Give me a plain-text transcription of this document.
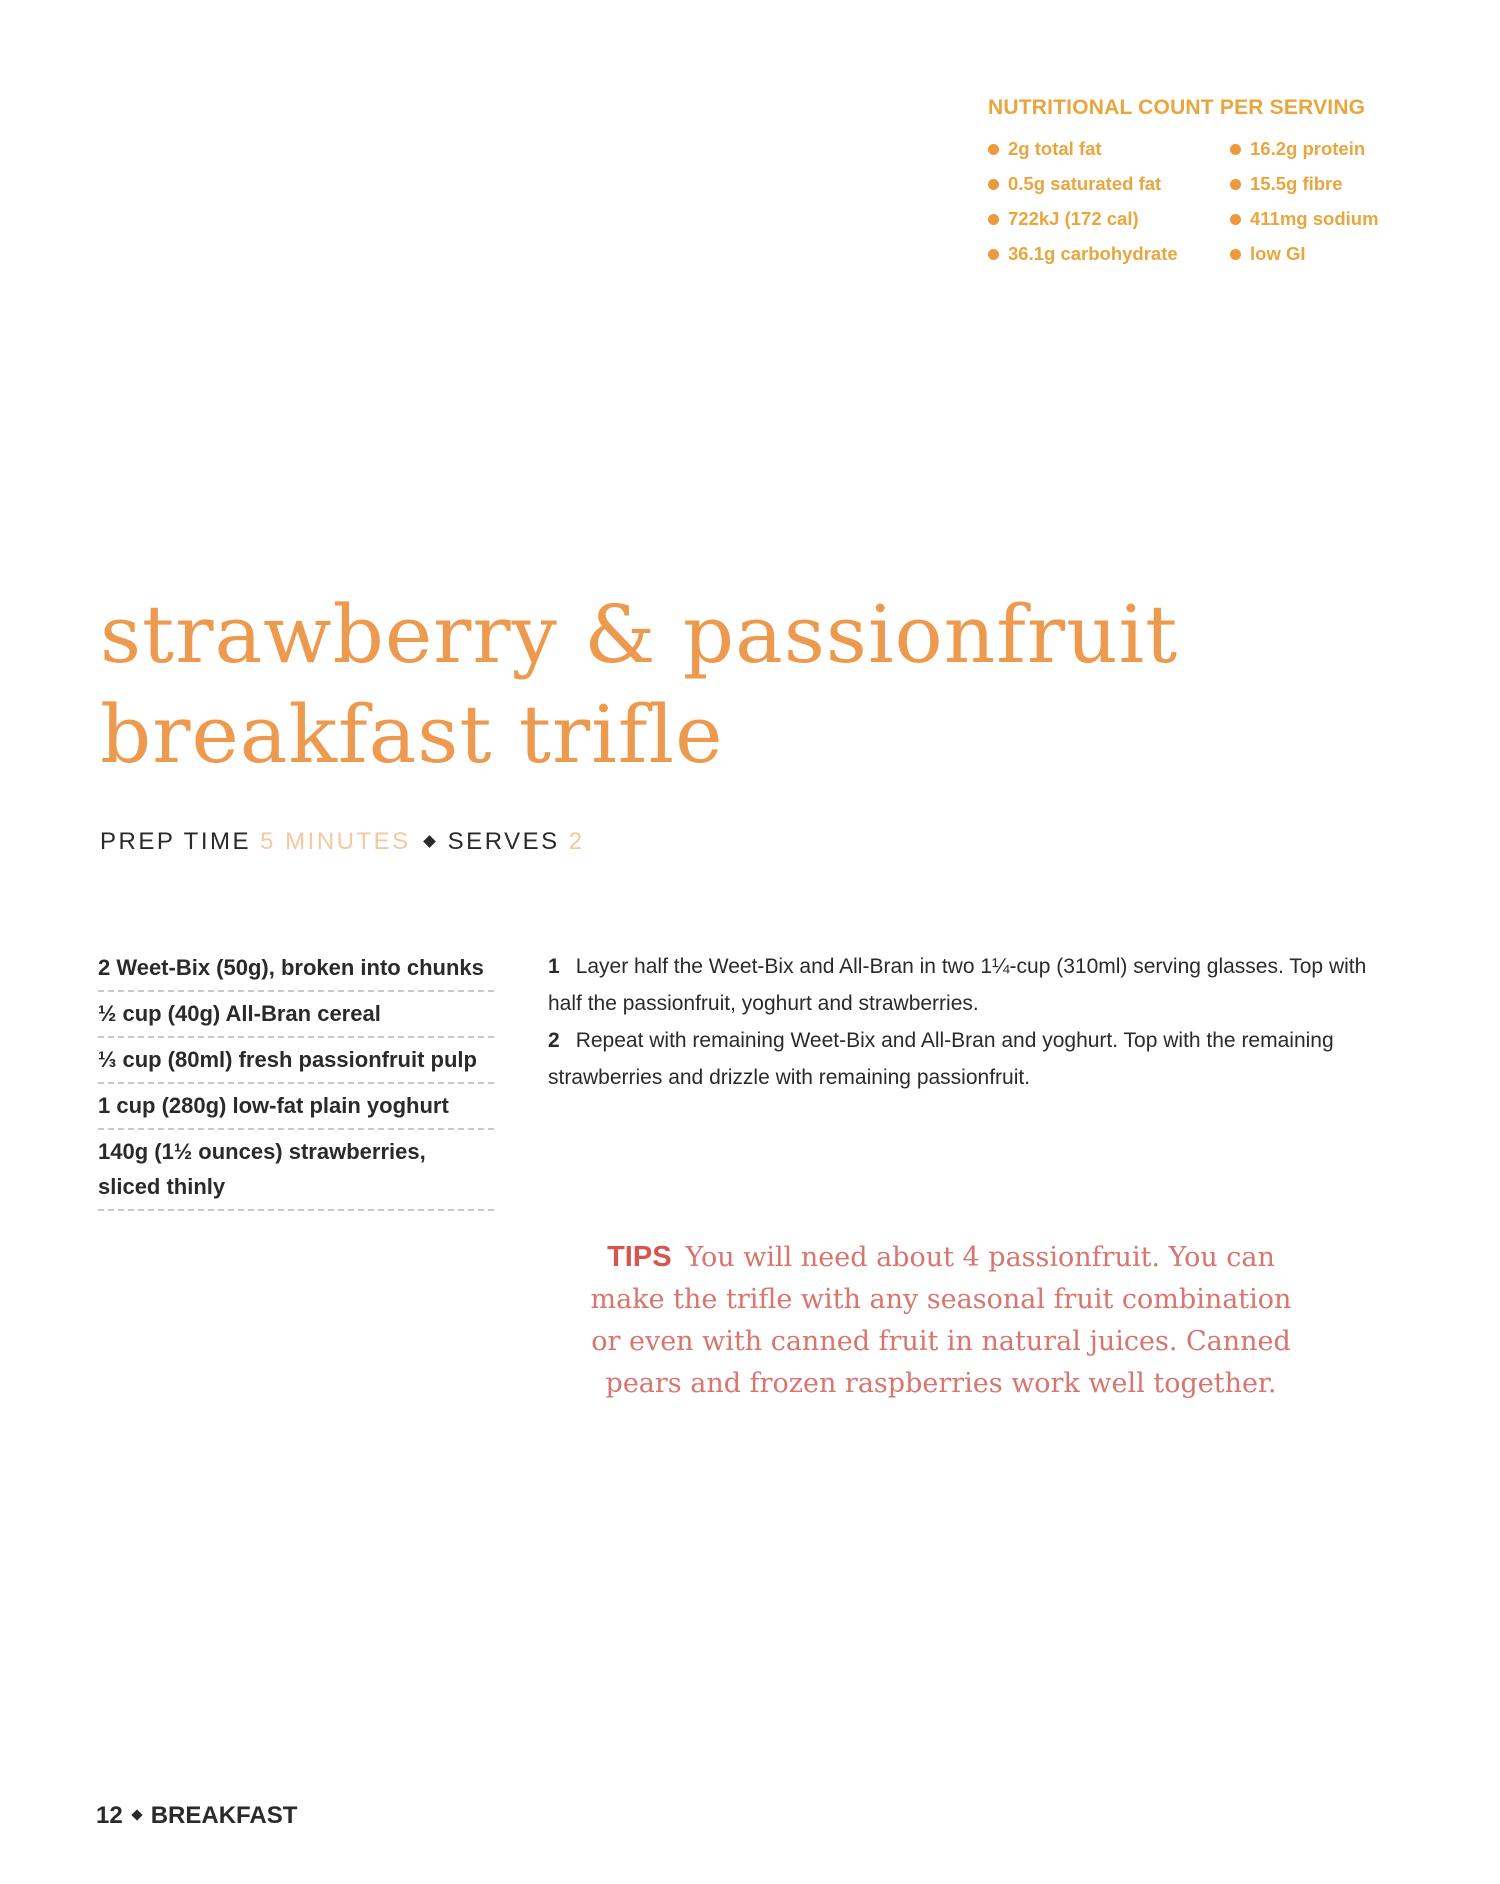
NUTRITIONAL COUNT PER SERVING
2g total fat	16.2g protein
0.5g saturated fat	15.5g fibre
722kJ (172 cal)	411mg sodium
36.1g carbohydrate	low GI
strawberry & passionfruit
breakfast trifle
PREP TIME 5 MINUTES SERVES 2
2 Weet-Bix (50g), broken into chunks
½ cup (40g) All-Bran cereal
⅓ cup (80ml) fresh passionfruit pulp
1 cup (280g) low-fat plain yoghurt
140g (1½ ounces) strawberries, sliced thinly

1 Layer half the Weet-Bix and All-Bran in two 1¼-cup (310ml) serving glasses. Top with half the passionfruit, yoghurt and strawberries.

2 Repeat with remaining Weet-Bix and All-Bran and yoghurt. Top with the remaining strawberries and drizzle with remaining passionfruit.

TIPS You will need about 4 passionfruit. You can make the trifle with any seasonal fruit combination or even with canned fruit in natural juices. Canned pears and frozen raspberries work well together.
12 BREAKFAST
